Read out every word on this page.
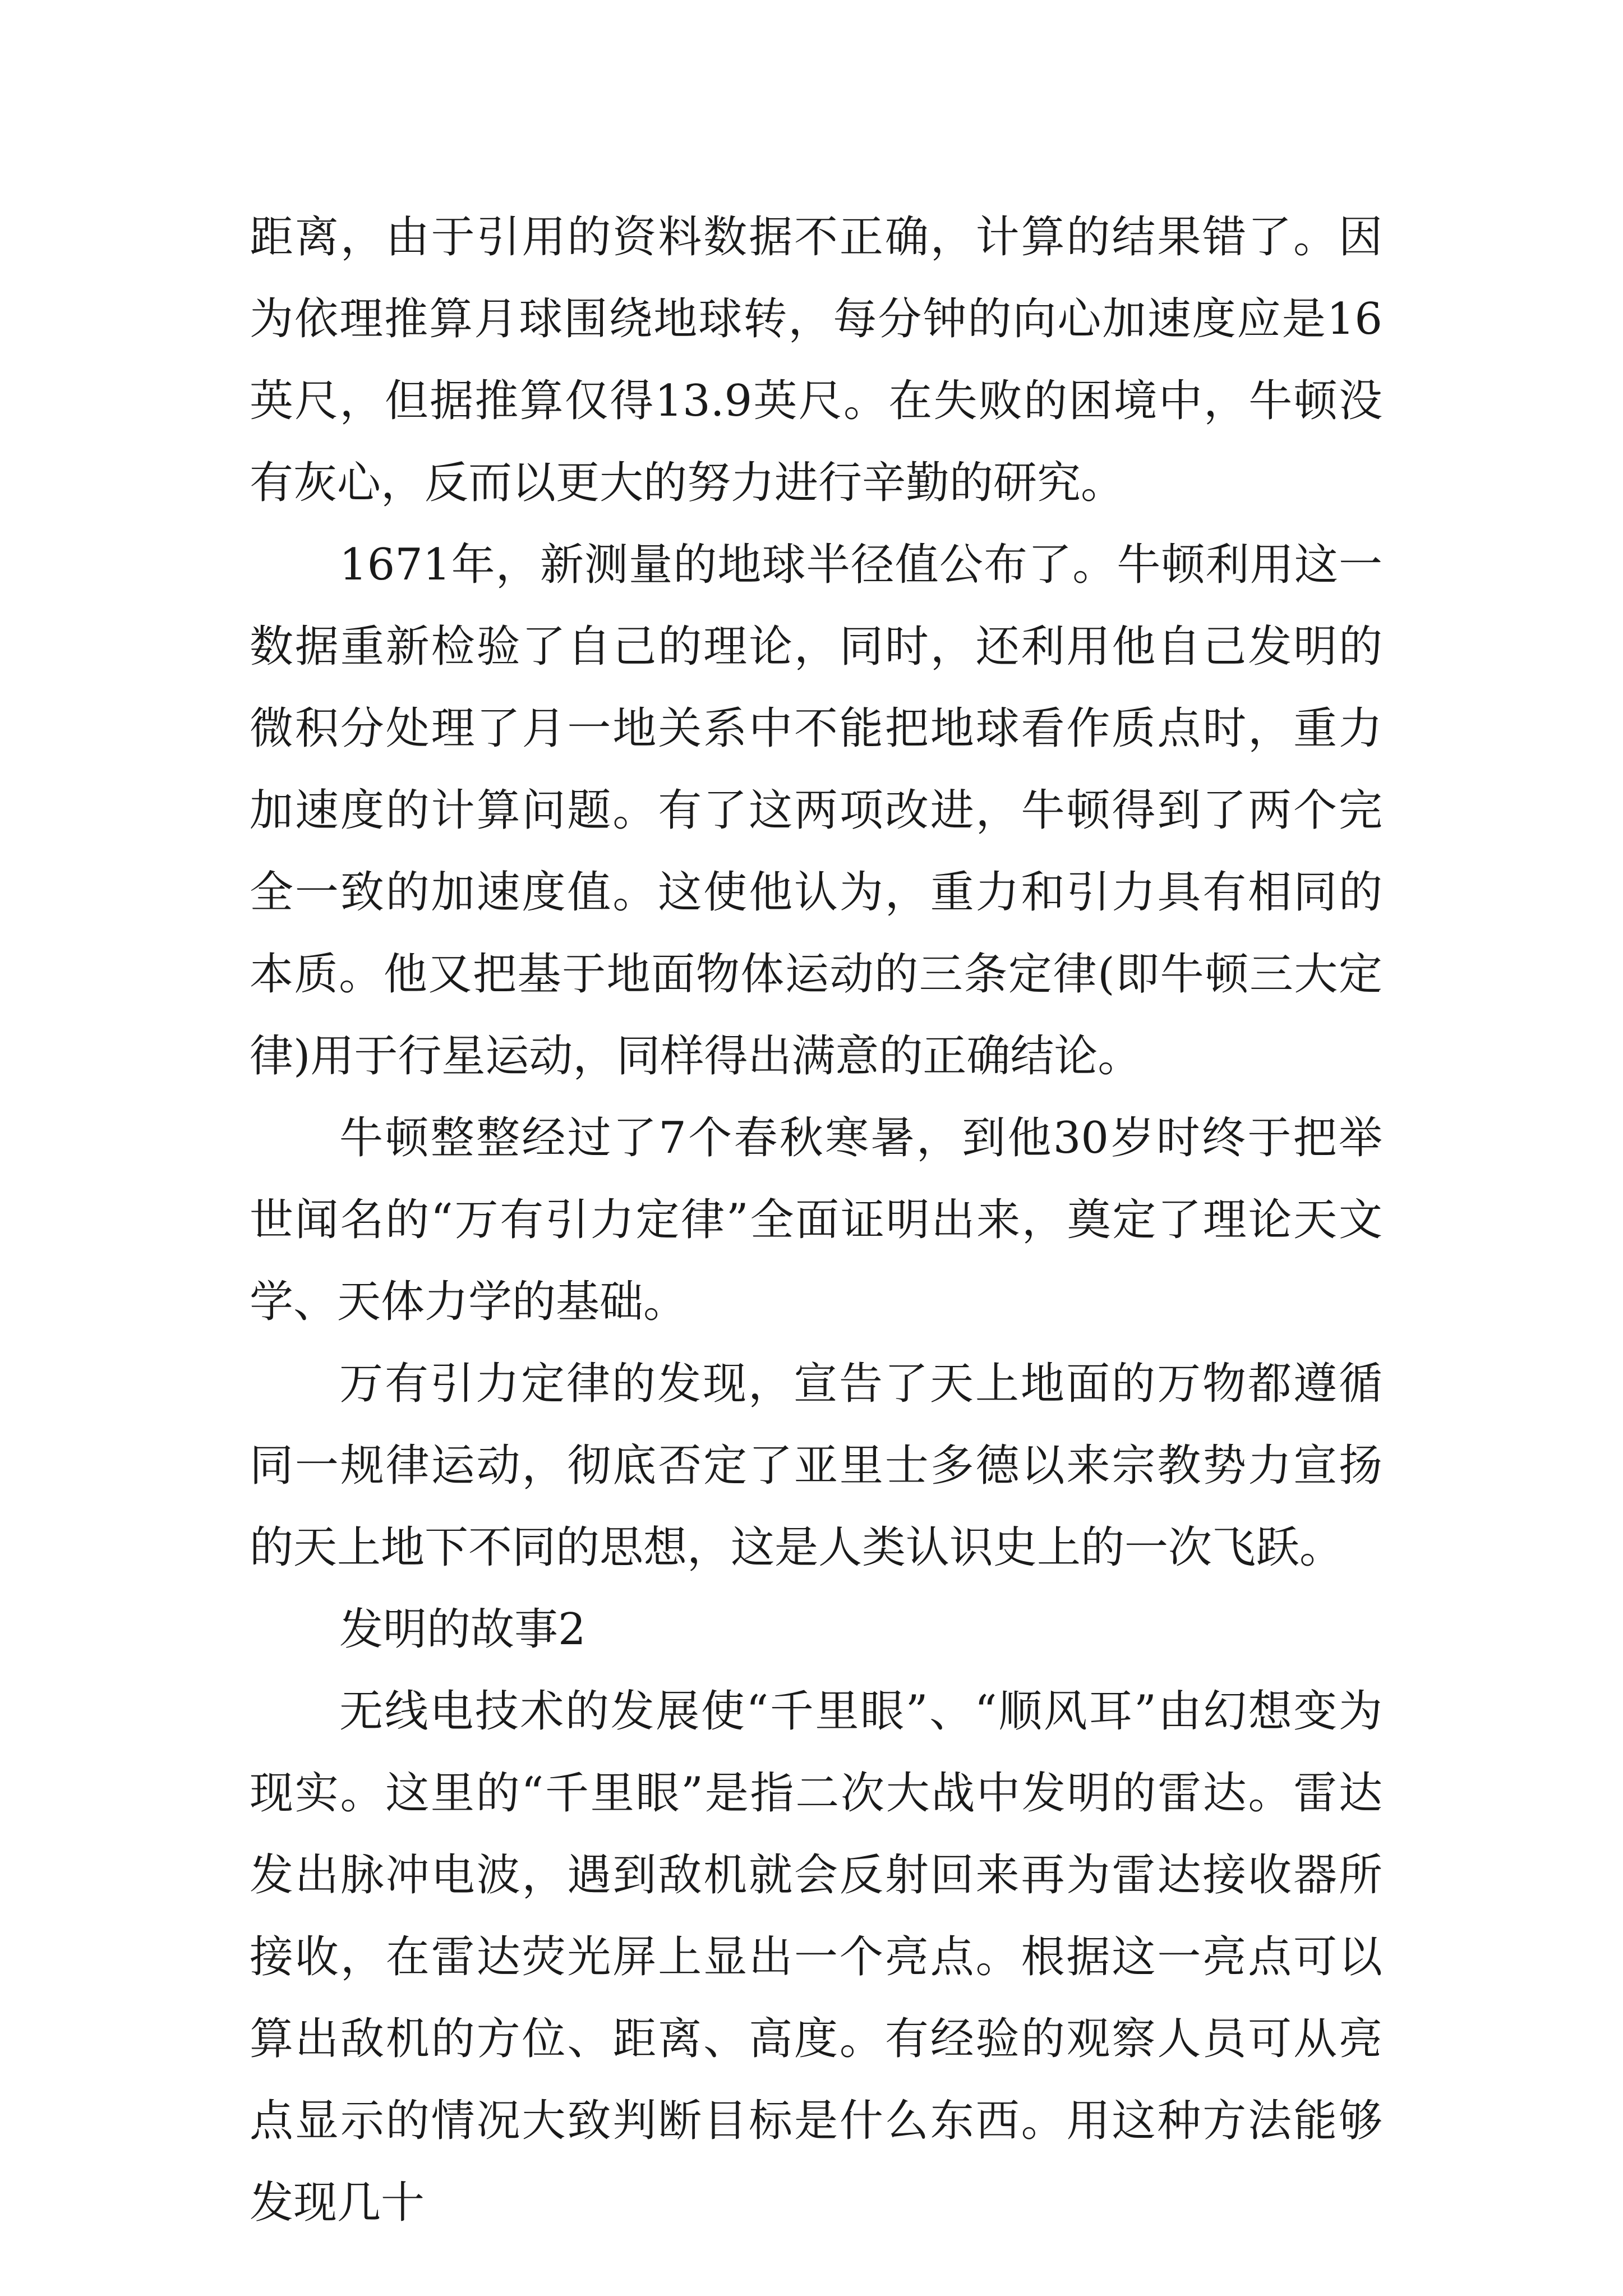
距离，由于引用的资料数据不正确，计算的结果错了。因为依理推算月球围绕地球转，每分钟的向心加速度应是16英尺，但据推算仅得13.9英尺。在失败的困境中，牛顿没有灰心，反而以更大的努力进行辛勤的研究。

1671年，新测量的地球半径值公布了。牛顿利用这一数据重新检验了自己的理论，同时，还利用他自己发明的微积分处理了月一地关系中不能把地球看作质点时，重力加速度的计算问题。有了这两项改进，牛顿得到了两个完全一致的加速度值。这使他认为，重力和引力具有相同的本质。他又把基于地面物体运动的三条定律(即牛顿三大定律)用于行星运动，同样得出满意的正确结论。

牛顿整整经过了7个春秋寒暑，到他30岁时终于把举世闻名的“万有引力定律”全面证明出来，奠定了理论天文学、天体力学的基础。

万有引力定律的发现，宣告了天上地面的万物都遵循同一规律运动，彻底否定了亚里士多德以来宗教势力宣扬的天上地下不同的思想，这是人类认识史上的一次飞跃。

发明的故事2

无线电技术的发展使“千里眼”、“顺风耳”由幻想变为现实。这里的“千里眼”是指二次大战中发明的雷达。雷达发出脉冲电波，遇到敌机就会反射回来再为雷达接收器所接收，在雷达荧光屏上显出一个亮点。根据这一亮点可以算出敌机的方位、距离、高度。有经验的观察人员可从亮点显示的情况大致判断目标是什么东西。用这种方法能够发现几十
